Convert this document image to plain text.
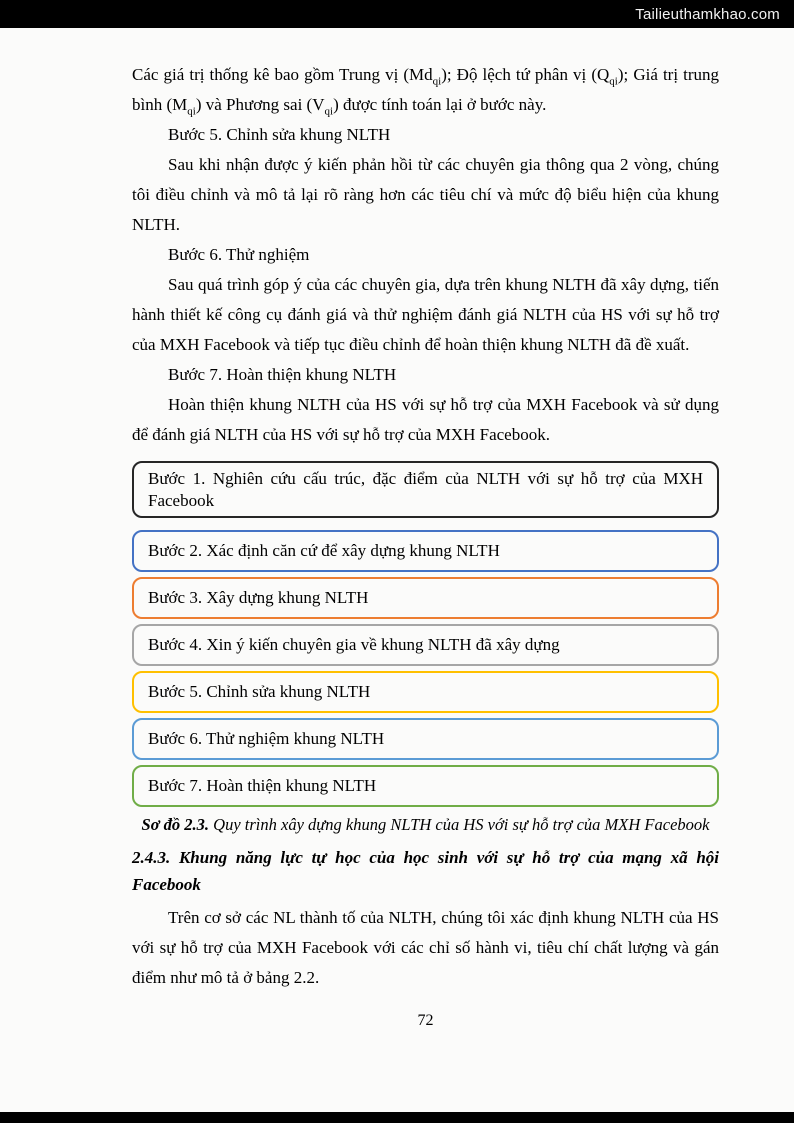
Tailieuthamkhao.com

Các giá trị thống kê bao gồm Trung vị $(Md_{qi})$; Độ lệch tứ phân vị $(Q_{qi})$; Giá trị trung bình $(M_{qi})$ và Phương sai $(V_{qi})$ được tính toán lại ở bước này.

Bước 5. Chỉnh sửa khung NLTH

Sau khi nhận được ý kiến phản hồi từ các chuyên gia thông qua 2 vòng, chúng tôi điều chỉnh và mô tả lại rõ ràng hơn các tiêu chí và mức độ biểu hiện của khung NLTH.

Bước 6. Thử nghiệm

Sau quá trình góp ý của các chuyên gia, dựa trên khung NLTH đã xây dựng, tiến hành thiết kế công cụ đánh giá và thử nghiệm đánh giá NLTH của HS với sự hỗ trợ của MXH Facebook và tiếp tục điều chỉnh để hoàn thiện khung NLTH đã đề xuất.

Bước 7. Hoàn thiện khung NLTH

Hoàn thiện khung NLTH của HS với sự hỗ trợ của MXH Facebook và sử dụng để đánh giá NLTH của HS với sự hỗ trợ của MXH Facebook.

Bước 1. Nghiên cứu cấu trúc, đặc điểm của NLTH với sự hỗ trợ của MXH Facebook
Bước 2. Xác định căn cứ để xây dựng khung NLTH
Bước 3. Xây dựng khung NLTH
Bước 4. Xin ý kiến chuyên gia về khung NLTH đã xây dựng
Bước 5. Chỉnh sửa khung NLTH
Bước 6. Thử nghiệm khung NLTH
Bước 7. Hoàn thiện khung NLTH

Sơ đồ 2.3. Quy trình xây dựng khung NLTH của HS với sự hỗ trợ của MXH Facebook

2.4.3. Khung năng lực tự học của học sinh với sự hỗ trợ của mạng xã hội Facebook

Trên cơ sở các NL thành tố của NLTH, chúng tôi xác định khung NLTH của HS với sự hỗ trợ của MXH Facebook với các chỉ số hành vi, tiêu chí chất lượng và gán điểm như mô tả ở bảng 2.2.

72
